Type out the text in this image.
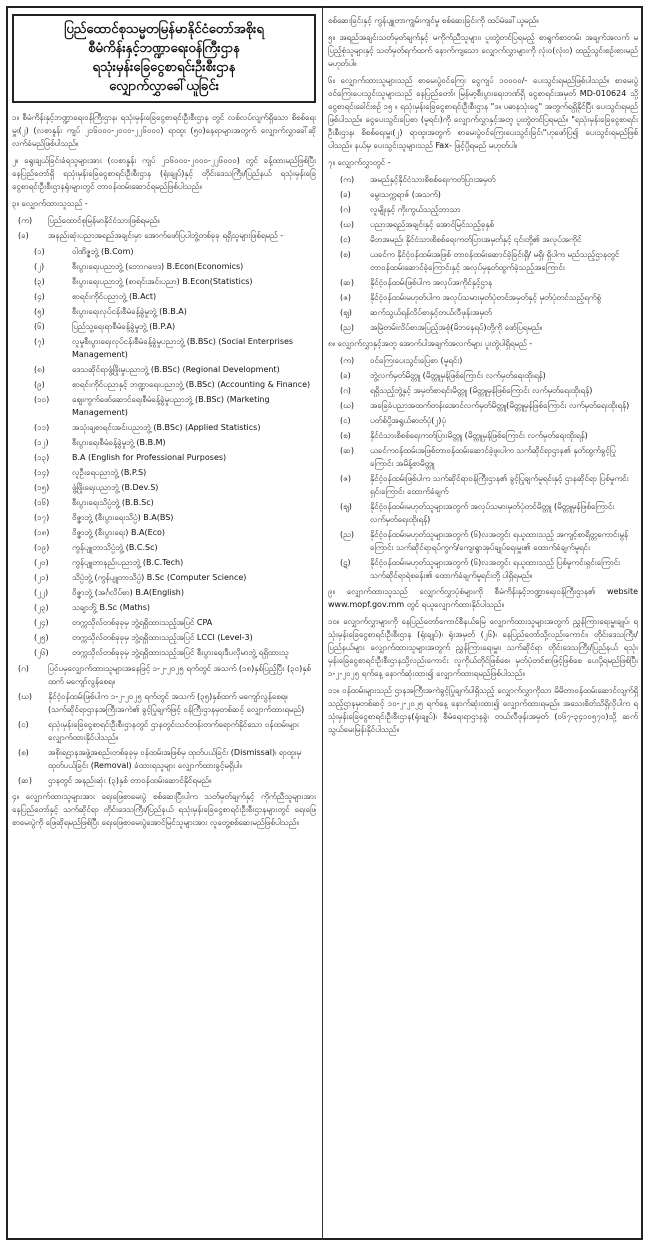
ပြည်ထောင်စုသမ္မတမြန်မာနိုင်ငံတော်အစိုးရ
စီမံကိန်းနှင့်ဘဏ္ဍာရေးဝန်ကြီးဌာန
ရသုံးမှန်းခြေငွေစာရင်းဦးစီးဌာန
လျှောက်လွှာခေါ်ယူခြင်း
၁။ စီမံကိန်းနှင့်ဘဏ္ဍာရေးဝန်ကြီးဌာန၊ ရသုံးမှန်းခြေငွေစာရင်းဦးစီးဌာန တွင် လစ်လပ်လျက်ရှိသော စိစစ်ရေးမှူး(၂) (လစာနှုန်း ကျပ် ၂၁၆၀၀၀-၂၀၀၀-၂၂၆၀၀၀) ရာထူး (၅၀)နေရာများအတွက် လျှောက်လွှာခေါ်ဆို လက်ခံမည်ဖြစ်ပါသည်။
၂။ ရွေးချယ်ခြင်းခံရသူများအား (လစာနှုန်း ကျပ် ၂၁၆၀၀၀-၂၀၀၀-၂၂၆၀၀၀) တွင် ခန့်ထားမည်ဖြစ်ပြီး နေပြည်တော်ရှိ ရသုံးမှန်းခြေငွေစာရင်းဦးစီးဌာန (ရုံးချုပ်)နှင့် တိုင်းဒေသကြီး/ပြည်နယ် ရသုံးမှန်းခြေငွေစာရင်းဦးစီးဌာနရုံးများတွင် တာဝန်ထမ်းဆောင်ရမည်ဖြစ်ပါသည်။
၃။ လျှောက်ထားသူသည် -
(က)	ပြည်ထောင်စုမြန်မာနိုင်ငံသားဖြစ်ရမည်။
(ခ)	အနည်းဆုံးပညာအရည်အချင်းမှာ အောက်ဖော်ပြပါဘွဲ့တစ်ခုခု ရရှိသူများဖြစ်ရမည် -
(၁)	ဝါဏိဇ္ဇဘွဲ့ (B.Com)
(၂)	စီးပွားရေးပညာဘွဲ့ (ဘောဂဗေဒ) B.Econ(Economics)
(၃)	စီးပွားရေးပညာဘွဲ့ (စာရင်းအင်းပညာ) B.Econ(Statistics)
(၄)	စာရင်းကိုင်ပညာဘွဲ့ (B.Act)
(၅)	စီးပွားရေးလုပ်ငန်းစီမံခန့်ခွဲမှုဘွဲ့ (B.B.A)
(၆)	ပြည်သူ့ရေးရာစီမံခန့်ခွဲမှုဘွဲ့ (B.P.A)
(၇)	လူမှုစီးပွားရေးလုပ်ငန်းစီမံခန့်ခွဲမှုပညာဘွဲ့ (B.BSc) (Social Enterprises Management)
(၈)	ဒေသဆိုင်ရာဖွံ့ဖြိုးမှုပညာဘွဲ့ (B.BSc) (Regional Development)
(၉)	စာရင်းကိုင်ပညာနှင့် ဘဏ္ဍာရေးပညာဘွဲ့ (B.BSc) (Accounting & Finance)
(၁၀)	ဈေးကွက်ဖော်ဆောင်ရေးစီမံခန့်ခွဲမှုပညာဘွဲ့ (B.BSc) (Marketing Management)
(၁၁)	အသုံးချစာရင်းအင်းပညာဘွဲ့ (B.BSc) (Applied Statistics)
(၁၂)	စီးပွားရေးစီမံခန့်ခွဲမှုဘွဲ့ (B.B.M)
(၁၃)	B.A (English for Professional Purposes)
(၁၄)	လူဦးရေပညာဘွဲ့ (B.P.S)
(၁၅)	ဖွံ့ဖြိုးရေးပညာဘွဲ့ (B.Dev.S)
(၁၆)	စီးပွားရေးသိပ္ပံဘွဲ့ (B.B.Sc)
(၁၇)	ဝိဇ္ဇာဘွဲ့ (စီးပွားရေးသိပ္ပံ) B.A(BS)
(၁၈)	ဝိဇ္ဇာဘွဲ့ (စီးပွားရေး) B.A(Eco)
(၁၉)	ကွန်ပျူတာသိပ္ပံဘွဲ့ (B.C.Sc)
(၂၀)	ကွန်ပျူတာနည်းပညာဘွဲ့ (B.C.Tech)
(၂၁)	သိပ္ပံဘွဲ့ (ကွန်ပျူတာသိပ္ပံ) B.Sc (Computer Science)
(၂၂)	ဝိဇ္ဇာဘွဲ့ (အင်္ဂလိပ်စာ) B.A(English)
(၂၃)	သချာင်္ဘွဲ့ B.Sc (Maths)
(၂၄)	တက္ကသိုလ်တစ်ခုခုမှ ဘွဲ့ရရှိထားသည့်အပြင် CPA
(၂၅)	တက္ကသိုလ်တစ်ခုခုမှ ဘွဲ့ရရှိထားသည့်အပြင် LCCI (Level-3)
(၂၆)	တက္ကသိုလ်တစ်ခုခုမှ ဘွဲ့ရရှိထားသည့်အပြင် စီးပွားရေးဒီပလိုမာဘွဲ့ ရရှိထားသူ
(ဂ)	ပြင်ပမှလျှောက်ထားသူများအနေဖြင့် ၁-၂-၂၀၂၅ ရက်တွင် အသက် (၁၈)နှစ်ပြည့်ပြီး (၃၀)နှစ်ထက် မကျော်လွန်စေရ။
(ဃ)	နိုင်ငံ့ဝန်ထမ်းဖြစ်ပါက ၁-၂-၂၀၂၅ ရက်တွင် အသက် (၃၅)နှစ်ထက် မကျော်လွန်စေရ။ (သက်ဆိုင်ရာဌာနအကြီးအကဲ၏ ခွင့်ပြုချက်ဖြင့် ဝန်ကြီးဌာနမှတစ်ဆင့် လျှောက်ထားရမည်)
(င)	ရသုံးမှန်းခြေငွေစာရင်းဦးစီးဌာနတွင် ဌာနတွင်းသင်တန်းတက်ရောက်နိုင်သော ဝန်ထမ်းများလျှောက်ထားနိုင်ပါသည်။
(စ)	အစိုးရဌာနအဖွဲ့အစည်းတစ်ခုခုမှ ဝန်ထမ်းအဖြစ်မှ ထုတ်ပယ်ခြင်း (Dismissal)၊ ရာထူးမှထုတ်ပယ်ခြင်း (Removal) ခံထားရသူများ လျှောက်ထားခွင့်မရှိပါ။
(ဆ)	ဌာနတွင် အနည်းဆုံး (၃)နှစ် တာဝန်ထမ်းဆောင်နိုင်ရမည်။
၄။ လျှောက်ထားသူများအား ရေးဖြေစာမေးပွဲ စစ်ဆေးပြီးပါက သတ်မှတ်ချက်နှင့် ကိုက်ညီသူများအား နေပြည်တော်နှင့် သက်ဆိုင်ရာ တိုင်းဒေသကြီး/ပြည်နယ် ရသုံးမှန်းခြေငွေစာရင်းဦးစီးဌာနများတွင် ရေးဖြေစာမေးပွဲကို ဖြေဆိုရမည်ဖြစ်ပြီး ရေးဖြေစာမေးပွဲအောင်မြင်သူများအား လူတွေ့စစ်ဆေးမည်ဖြစ်ပါသည်။
စစ်ဆေးခြင်းနှင့် ကွန်ပျူတာကျွမ်းကျင်မှု စစ်ဆေးခြင်းကို ထပ်မံခေါ်ယူမည်။
၅။ အရည်အချင်းသတ်မှတ်ချက်နှင့် မကိုက်ညီသူများ၊ ပူးတွဲတင်ပြရမည့် စာရွက်စာတမ်း အချက်အလက် မပြည့်စုံသူများနှင့် သတ်မှတ်ရက်ထက် နောက်ကျသော လျှောက်လွှာများကို လုံးဝ(လုံးဝ) ထည့်သွင်းစဉ်းစားမည်မဟုတ်ပါ။
၆။ လျှောက်ထားသူများသည် စာမေးပွဲဝင်ကြေး ငွေကျပ် ၁၀၀၀၀/- ပေးသွင်းရမည်ဖြစ်ပါသည်။ စာမေးပွဲဝင်ကြေးပေးသွင်းသူများသည် နေပြည်တော်၊ မြန်မာ့စီးပွားရေးဘဏ်ရှိ ငွေစာရင်းအမှတ် MD-010624 သို့ ငွေစာရင်းခေါင်းစဉ် ၁၅ ။ ရသုံးမှန်းခြေငွေစာရင်းဦးစီးဌာန "ဒ။ ပဓာနသုံးငွေ" အတွက်ရရှိနိုင်ပြီး ပေးသွင်းရမည်ဖြစ်ပါသည်။ ငွေပေးသွင်းပြေစာ (မူရင်း)ကို လျှောက်လွှာနှင့်အတူ ပူးတွဲတင်ပြရမည်။ "ရသုံးမှန်းခြေငွေစာရင်းဦးစီးဌာန၊ စိစစ်ရေးမှူး(၂) ရာထူးအတွက် စာမေးပွဲဝင်ကြေးပေးသွင်းခြင်း"ဟုဖော်ပြ၍ ပေးသွင်းရမည်ဖြစ်ပါသည်။ နယ်မှ ပေးသွင်းသူများသည် Fax- ဖြင့်ပို့ရမည် မဟုတ်ပါ။
၇။ လျှောက်လွှာတွင် -
(က)	အမည်နှင့်နိုင်ငံသားစိစစ်ရေးကတ်ပြားအမှတ်
(ခ)	မွေးသက္ကရာဇ် (အသက်)
(ဂ)	လူမျိုးနှင့် ကိုးကွယ်သည့်ဘာသာ
(ဃ)	ပညာအရည်အချင်းနှင့် အောင်မြင်သည့်ခုနှစ်
(င)	မိဘအမည်၊ နိုင်ငံသားစိစစ်ရေးကတ်ပြားအမှတ်နှင့် ၎င်းတို့၏ အလုပ်အကိုင်
(စ)	ယခင်က နိုင်ငံ့ဝန်ထမ်းအဖြစ် တာဝန်ထမ်းဆောင်ခဲ့ခြင်းရှိ/ မရှိ၊ ရှိပါက မည်သည့်ဌာနတွင် တာဝန်ထမ်းဆောင်ခဲ့ကြောင်းနှင့် အလုပ်မှနုတ်ထွက်ခဲ့သည့်အကြောင်း
(ဆ)	နိုင်ငံ့ဝန်ထမ်းဖြစ်ပါက အလုပ်အကိုင်နှင့်ဌာန
(ဇ)	နိုင်ငံ့ဝန်ထမ်းမဟုတ်ပါက အလုပ်သမားမှတ်ပုံတင်အမှတ်နှင့် မှတ်ပုံတင်သည့်ရက်စွဲ
(ဈ)	ဆက်သွယ်ရန်လိပ်စာနှင့်တယ်လီဖုန်းအမှတ်
(ည)	အမြဲတမ်းလိပ်စာအပြည့်အစုံ(မိဘနေရပ်)တို့ကို ဖော်ပြရမည်။
၈။ လျှောက်လွှာနှင့်အတူ အောက်ပါအချက်အလက်များ ပူးတွဲပါရှိရမည် -
(က)	ဝင်ကြေးပေးသွင်းပြေစာ (မူရင်း)
(ခ)	ဘွဲ့လက်မှတ်မိတ္တူ (မိတ္တူမှန်ဖြစ်ကြောင်း လက်မှတ်ရေးထိုးရန်)
(ဂ)	ရရှိသည့်ဘွဲ့နှင့် အမှတ်စာရင်းမိတ္တူ (မိတ္တူမှန်ဖြစ်ကြောင်း လက်မှတ်ရေးထိုးရန်)
(ဃ)	အခြေခံပညာအထက်တန်းအောင်လက်မှတ်မိတ္တူ(မိတ္တူမှန်ဖြစ်ကြောင်း လက်မှတ်ရေးထိုးရန်)
(င)	ပတ်စ်ပို့အရွယ်ဓာတ်ပုံ(၂)ပုံ
(စ)	နိုင်ငံသားစိစစ်ရေးကတ်ပြားမိတ္တူ (မိတ္တူမှန်ဖြစ်ကြောင်း လက်မှတ်ရေးထိုးရန်)
(ဆ)	ယခင်ကဝန်ထမ်းအဖြစ်တာဝန်ထမ်းဆောင်ခဲ့ဖူးပါက သက်ဆိုင်ရာဌာန၏ နုတ်ထွက်ခွင့်ပြုကြောင်း အမိန့်စာမိတ္တူ
(ဇ)	နိုင်ငံ့ဝန်ထမ်းဖြစ်ပါက သက်ဆိုင်ရာဝန်ကြီးဌာန၏ ခွင့်ပြုချက်မူရင်းနှင့် ဌာနဆိုင်ရာ ပြစ်မှုကင်းရှင်းကြောင်း ထောက်ခံချက်
(ဈ)	နိုင်ငံ့ဝန်ထမ်းမဟုတ်သူများအတွက် အလုပ်သမားမှတ်ပုံတင်မိတ္တူ (မိတ္တူမှန်ဖြစ်ကြောင်း လက်မှတ်ရေးထိုးရန်)
(ည)	နိုင်ငံ့ဝန်ထမ်းမဟုတ်သူများအတွက် (၆)လအတွင်း ရယူထားသည့် အကျင့်စာရိတ္တကောင်းမွန်ကြောင်း သက်ဆိုင်ရာရပ်ကွက်/ကျေးရွာအုပ်ချုပ်ရေးမှူး၏ ထောက်ခံချက်မူရင်း
(ဋ)	နိုင်ငံ့ဝန်ထမ်းမဟုတ်သူများအတွက် (၆)လအတွင်း ရယူထားသည့် ပြစ်မှုကင်းရှင်းကြောင်း သက်ဆိုင်ရာရဲစခန်း၏ ထောက်ခံချက်မူရင်းတို့ ပါရှိရမည်။
၉။ လျှောက်ထားသူသည် လျှောက်လွှာပုံစံများကို စီမံကိန်းနှင့်ဘဏ္ဍာရေးဝန်ကြီးဌာန၏ website www.mopf.gov.mm တွင် ရယူလျှောက်ထားနိုင်ပါသည်။
၁၀။ လျှောက်လွှာများကို နေပြည်တော်ကောင်စီနယ်မြေ လျှောက်ထားသူများအတွက် ညွှန်ကြားရေးမှူးချုပ်၊ ရသုံးမှန်းခြေငွေစာရင်းဦးစီးဌာန (ရုံးချုပ်)၊ ရုံးအမှတ် (၂၆)၊ နေပြည်တော်သို့လည်းကောင်း၊ တိုင်းဒေသကြီး/ပြည်နယ်များ လျှောက်ထားသူများအတွက် ညွှန်ကြားရေးမှူး၊ သက်ဆိုင်ရာ တိုင်းဒေသကြီး/ပြည်နယ် ရသုံးမှန်းခြေငွေစာရင်းဦးစီးဌာနသို့လည်းကောင်း လူကိုယ်တိုင်ဖြစ်စေ၊ မှတ်ပုံတင်စာဖြင့်ဖြစ်စေ ပေးပို့ရမည်ဖြစ်ပြီး ၁-၂-၂၀၂၅ ရက်နေ့ နောက်ဆုံးထား၍ လျှောက်ထားရမည်ဖြစ်ပါသည်။
၁၁။ ဝန်ထမ်းများသည် ဌာနအကြီးအကဲခွင့်ပြုချက်ပါရှိသည့် လျှောက်လွှာကိုသာ မိမိတာဝန်ထမ်းဆောင်လျက်ရှိသည့်ဌာနမှတစ်ဆင့် ၁၀-၂-၂၀၂၅ ရက်နေ့ နောက်ဆုံးထား၍ လျှောက်ထားရမည်။ အသေးစိတ်သိရှိလိုပါက ရသုံးမှန်းခြေငွေစာရင်းဦးစီးဌာန(ရုံးချုပ်)၊ စီမံရေးရာဌာနခွဲ၊ တယ်လီဖုန်းအမှတ် (၀၆၇-၃၄၁၀၅၇၀)သို့ ဆက်သွယ်မေးမြန်းနိုင်ပါသည်။
